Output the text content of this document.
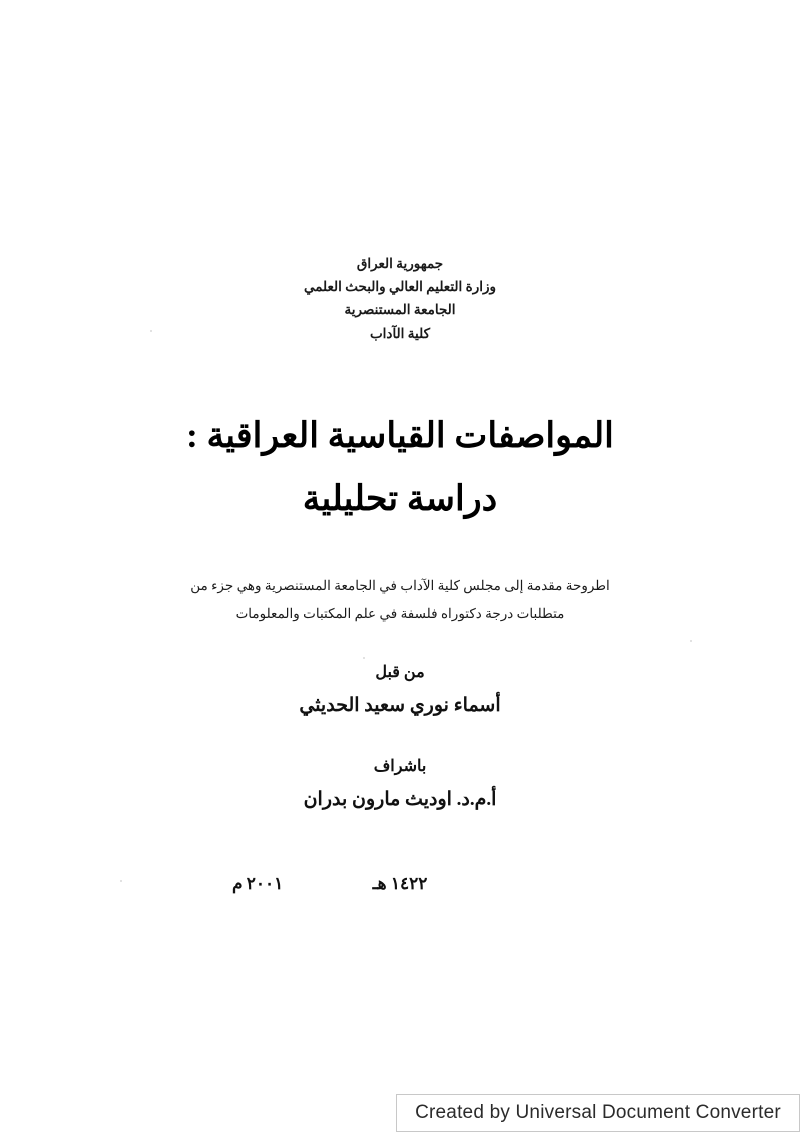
جمهورية العراق
وزارة التعليم العالي والبحث العلمي
الجامعة المستنصرية
كلية الآداب
المواصفات القياسية العراقية :
دراسة تحليلية
اطروحة مقدمة إلى مجلس كلية الآداب في الجامعة المستنصرية وهي جزء من
متطلبات درجة دكتوراه فلسفة في علم المكتبات والمعلومات
من قبل
أسماء نوري سعيد الحديثي
باشراف
أ.م.د. اوديث مارون بدران
١٤٢٢ هـ
٢٠٠١ م
Created by Universal Document Converter
